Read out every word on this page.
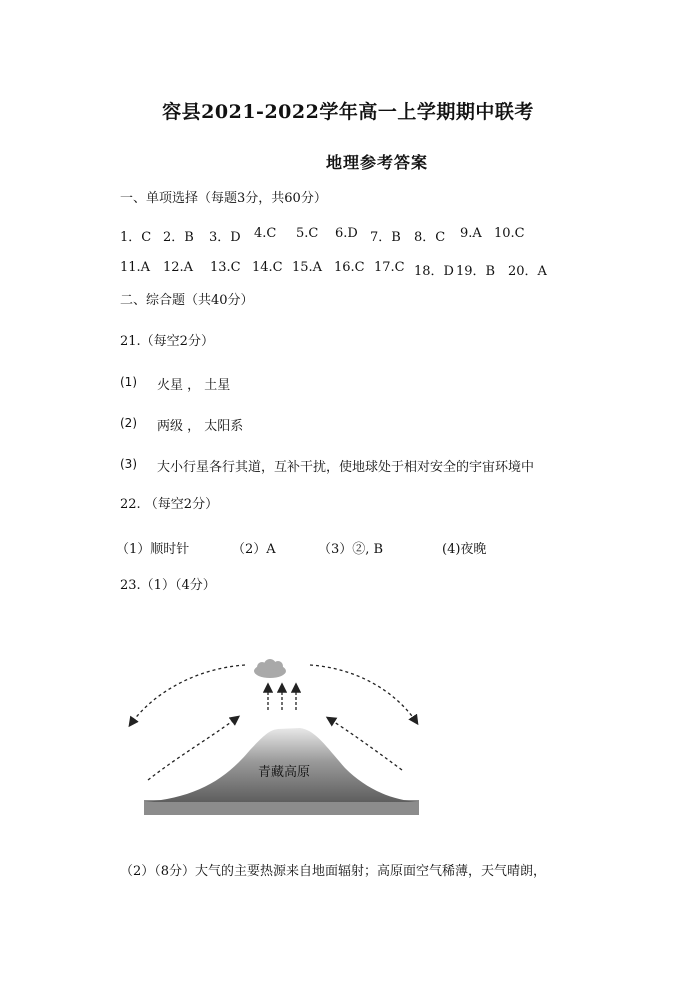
容县2021-2022学年高一上学期期中联考
地理参考答案
一、单项选择（每题3分，共60分）
1．C 2．B 3．D 4.C 5.C 6.D 7．B 8．C 9.A 10.C
11.A 12.A 13.C 14.C 15.A 16.C 17.C 18．D 19．B 20．A
二、综合题（共40分）
21.（每空2分）
(1) 火星 ， 土星
(2) 两级 ， 太阳系
(3) 大小行星各行其道，互补干扰，使地球处于相对安全的宇宙环境中
22. （每空2分）
（1）顺时针	（2）A	（3）②, B	(4)夜晚
23.（1）（4分）
青藏高原
（2）（8分）大气的主要热源来自地面辐射；高原面空气稀薄，天气晴朗，
